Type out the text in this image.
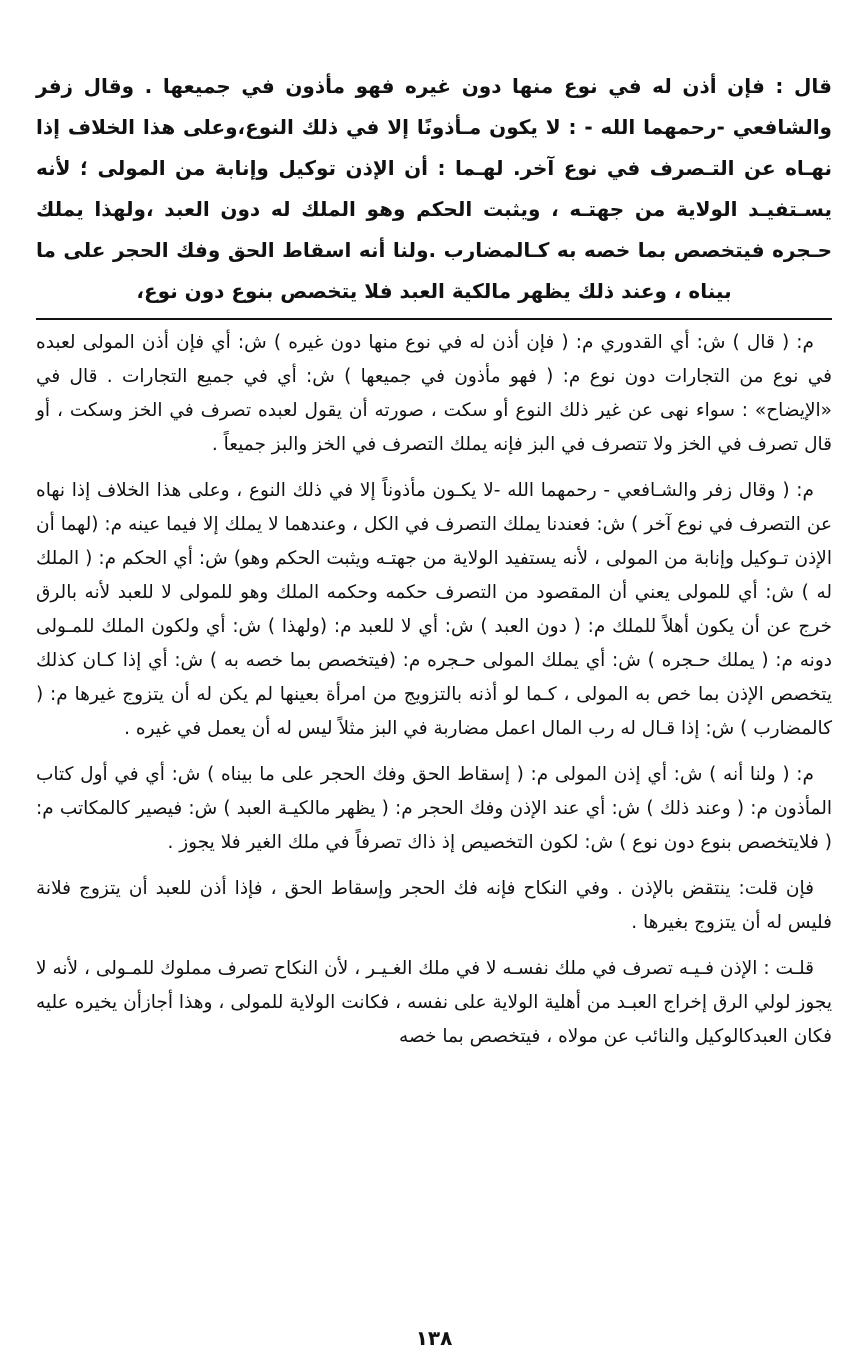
قال : فإن أذن له في نوع منها دون غيره فهو مأذون في جميعها . وقال زفر والشافعي -رحمهما الله - : لا يكون مـأذونًا إلا في ذلك النوع،وعلى هذا الخلاف إذا نهـاه عن التـصرف في نوع آخر. لهـما : أن الإذن توكيل وإنابة من المولى ؛ لأنه يسـتفيـد الولاية من جهتـه ، ويثبت الحكم وهو الملك له دون العبد ،ولهذا يملك حـجره فيتخصص بما خصه به كـالمضارب .ولنا أنه اسقاط الحق وفك الحجر على ما بيناه ، وعند ذلك يظهر مالكية العبد فلا يتخصص بنوع دون نوع،

م: ( قال ) ش: أي القدوري م: ( فإن أذن له في نوع منها دون غيره ) ش: أي فإن أذن المولى لعبده في نوع من التجارات دون نوع م: ( فهو مأذون في جميعها ) ش: أي في جميع التجارات . قال في «الإيضاح» : سواء نهى عن غير ذلك النوع أو سكت ، صورته أن يقول لعبده تصرف في الخز وسكت ، أو قال تصرف في الخز ولا تتصرف في البز فإنه يملك التصرف في الخز والبز جميعاً .

م: ( وقال زفر والشـافعي - رحمهما الله -لا يكـون مأذوناً إلا في ذلك النوع ، وعلى هذا الخلاف إذا نهاه عن التصرف في نوع آخر ) ش: فعندنا يملك التصرف في الكل ، وعندهما لا يملك إلا فيما عينه م: (لهما أن الإذن تـوكيل وإنابة من المولى ، لأنه يستفيد الولاية من جهتـه ويثبت الحكم وهو) ش: أي الحكم م: ( الملك له ) ش: أي للمولى يعني أن المقصود من التصرف حكمه وحكمه الملك وهو للمولى لا للعبد لأنه بالرق خرج عن أن يكون أهلاً للملك م: ( دون العبد ) ش: أي لا للعبد م: (ولهذا ) ش: أي ولكون الملك للمـولى دونه م: ( يملك حـجره ) ش: أي يملك المولى حـجره م: (فيتخصص بما خصه به ) ش: أي إذا كـان كذلك يتخصص الإذن بما خص به المولى ، كـما لو أذنه بالتزويج من امرأة بعينها لم يكن له أن يتزوج غيرها م: ( كالمضارب ) ش: إذا قـال له رب المال اعمل مضاربة في البز مثلاً ليس له أن يعمل في غيره .

م: ( ولنا أنه ) ش: أي إذن المولى م: ( إسقاط الحق وفك الحجر على ما بيناه ) ش: أي في أول كتاب المأذون م: ( وعند ذلك ) ش: أي عند الإذن وفك الحجر م: ( يظهر مالكيـة العبد ) ش: فيصير كالمكاتب م: ( فلايتخصص بنوع دون نوع ) ش: لكون التخصيص إذ ذاك تصرفاً في ملك الغير فلا يجوز .

فإن قلت: ينتقض بالإذن . وفي النكاح فإنه فك الحجر وإسقاط الحق ، فإذا أذن للعبد أن يتزوج فلانة فليس له أن يتزوج بغيرها .

قلـت : الإذن فـيـه تصرف في ملك نفسـه لا في ملك الغـيـر ، لأن النكاح تصرف مملوك للمـولى ، لأنه لا يجوز لولي الرق إخراج العبـد من أهلية الولاية على نفسه ، فكانت الولاية للمولى ، وهذا أجازأن يخيره عليه فكان العبدكالوكيل والنائب عن مولاه ، فيتخصص بما خصه

١٣٨
